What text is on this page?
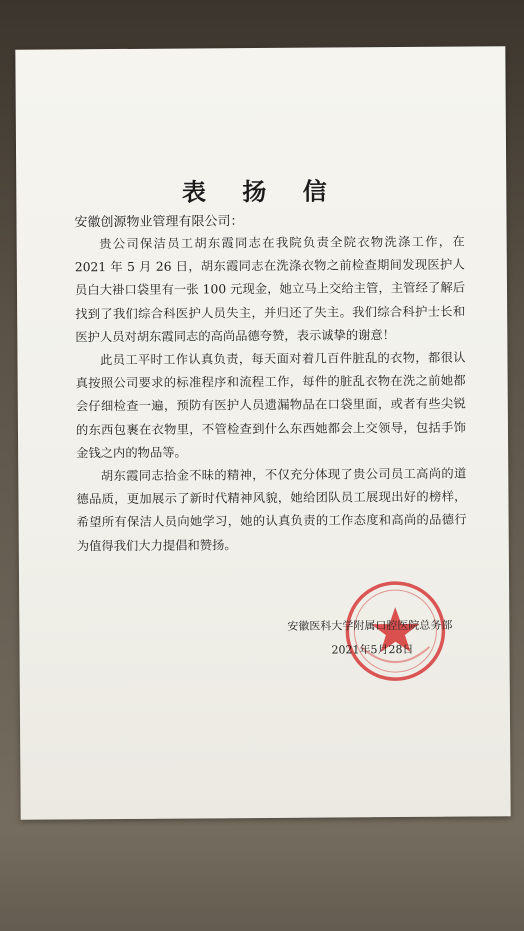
表 扬 信
安徽创源物业管理有限公司：

贵公司保洁员工胡东霞同志在我院负责全院衣物洗涤工作，在 2021 年 5 月 26 日，胡东霞同志在洗涤衣物之前检查期间发现医护人员白大褂口袋里有一张 100 元现金，她立马上交给主管，主管经了解后找到了我们综合科医护人员失主，并归还了失主。我们综合科护士长和医护人员对胡东霞同志的高尚品德夸赞，表示诚挚的谢意！

此员工平时工作认真负责，每天面对着几百件脏乱的衣物，都很认真按照公司要求的标准程序和流程工作，每件的脏乱衣物在洗之前她都会仔细检查一遍，预防有医护人员遗漏物品在口袋里面，或者有些尖锐的东西包裹在衣物里，不管检查到什么东西她都会上交领导，包括手饰金钱之内的物品等。

胡东霞同志拾金不昧的精神，不仅充分体现了贵公司员工高尚的道德品质，更加展示了新时代精神风貌，她给团队员工展现出好的榜样，希望所有保洁人员向她学习，她的认真负责的工作态度和高尚的品德行为值得我们大力提倡和赞扬。

安徽医科大学附属口腔医院总务部
2021年5月28日
